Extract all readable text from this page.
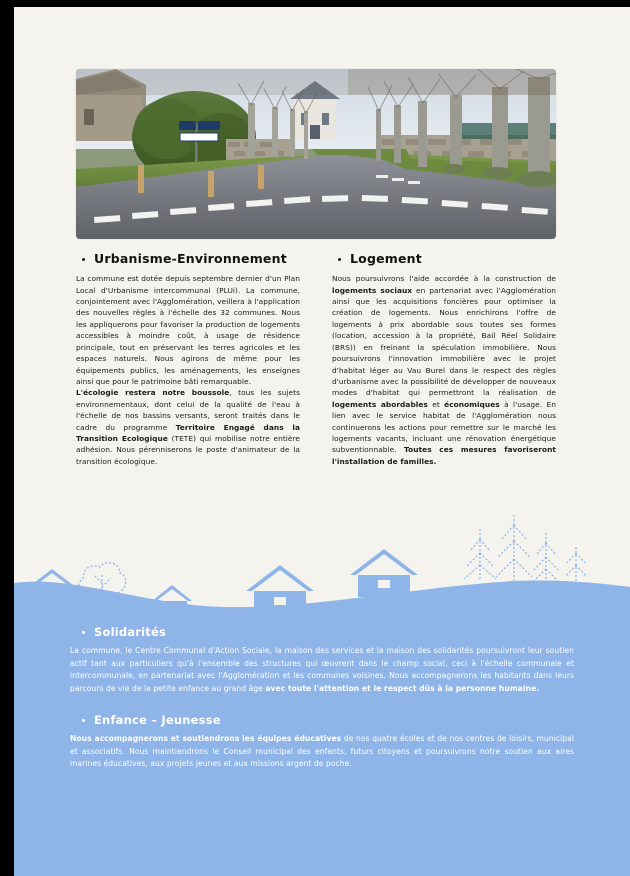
Urbanisme-Environnement

La commune est dotée depuis septembre dernier d'un Plan Local d'Urbanisme intercommunal (PLUi). La commune, conjointement avec l'Agglomération, veillera à l'application des nouvelles règles à l'échelle des 32 communes. Nous les appliquerons pour favoriser la production de logements accessibles à moindre coût, à usage de résidence principale, tout en préservant les terres agricoles et les espaces naturels. Nous agirons de même pour les équipements publics, les aménagements, les enseignes ainsi que pour le patrimoine bâti remarquable.
L'écologie restera notre boussole, tous les sujets environnementaux, dont celui de la qualité de l'eau à l'échelle de nos bassins versants, seront traités dans le cadre du programme Territoire Engagé dans la Transition Ecologique (TETE) qui mobilise notre entière adhésion. Nous pérenniserons le poste d'animateur de la transition écologique.

Logement

Nous poursuivrons l'aide accordée à la construction de logements sociaux en partenariat avec l'Agglomération ainsi que les acquisitions foncières pour optimiser la création de logements. Nous enrichirons l'offre de logements à prix abordable sous toutes ses formes (location, accession à la propriété, Bail Réel Solidaire (BRS)) en freinant la spéculation immobilière. Nous poursuivrons l'innovation immobilière avec le projet d'habitat léger au Vau Burel dans le respect des règles d'urbanisme avec la possibilité de développer de nouveaux modes d'habitat qui permettront la réalisation de logements abordables et économiques à l'usage. En lien avec le service habitat de l'Agglomération nous continuerons les actions pour remettre sur le marché les logements vacants, incluant une rénovation énergétique subventionnable. Toutes ces mesures favoriseront l'installation de familles.

Solidarités

La commune, le Centre Communal d'Action Sociale, la maison des services et la maison des solidarités poursuivront leur soutien actif tant aux particuliers qu'à l'ensemble des structures qui œuvrent dans le champ social, ceci à l'échelle communale et intercommunale, en partenariat avec l'Agglomération et les communes voisines. Nous accompagnerons les habitants dans leurs parcours de vie de la petite enfance au grand âge avec toute l'attention et le respect dûs à la personne humaine.

Enfance – Jeunesse

Nous accompagnerons et soutiendrons les équipes éducatives de nos quatre écoles et de nos centres de loisirs, municipal et associatifs. Nous maintiendrons le Conseil municipal des enfants, futurs citoyens et poursuivrons notre soutien aux aires marines éducatives, aux projets jeunes et aux missions argent de poche.
